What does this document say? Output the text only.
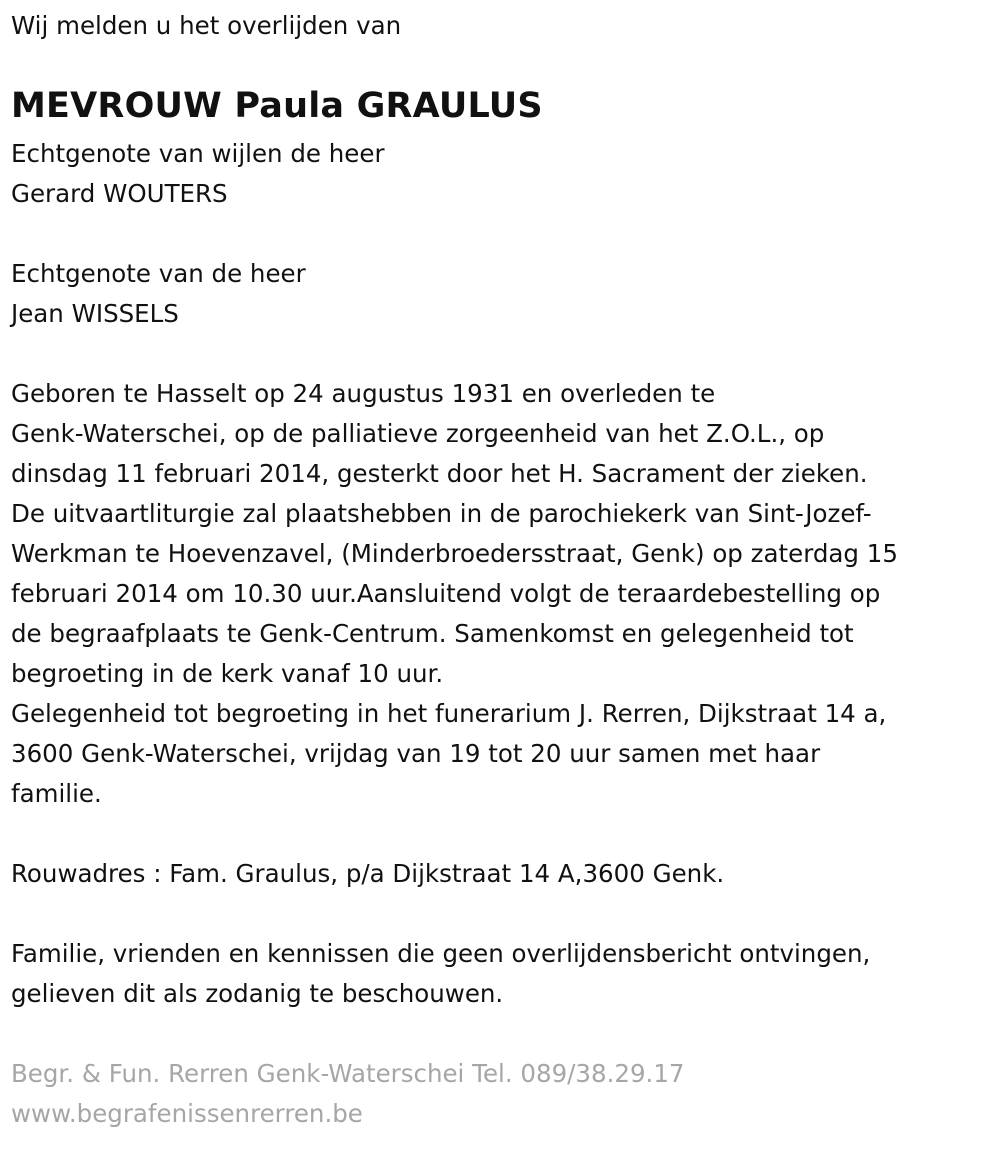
Wij melden u het overlijden van
MEVROUW Paula GRAULUS
Echtgenote van wijlen de heer
Gerard WOUTERS
Echtgenote van de heer
Jean WISSELS
Geboren te Hasselt op 24 augustus 1931 en overleden te
Genk-Waterschei, op de palliatieve zorgeenheid van het Z.O.L., op
dinsdag 11 februari 2014, gesterkt door het H. Sacrament der zieken.
De uitvaartliturgie zal plaatshebben in de parochiekerk van Sint-Jozef-
Werkman te Hoevenzavel, (Minderbroedersstraat, Genk) op zaterdag 15
februari 2014 om 10.30 uur.Aansluitend volgt de teraardebestelling op
de begraafplaats te Genk-Centrum. Samenkomst en gelegenheid tot
begroeting in de kerk vanaf 10 uur.
Gelegenheid tot begroeting in het funerarium J. Rerren, Dijkstraat 14 a,
3600 Genk-Waterschei, vrijdag van 19 tot 20 uur samen met haar
familie.
Rouwadres : Fam. Graulus, p/a Dijkstraat 14 A,3600 Genk.
Familie, vrienden en kennissen die geen overlijdensbericht ontvingen,
gelieven dit als zodanig te beschouwen.
Begr. & Fun. Rerren Genk-Waterschei Tel. 089/38.29.17
www.begrafenissenrerren.be
